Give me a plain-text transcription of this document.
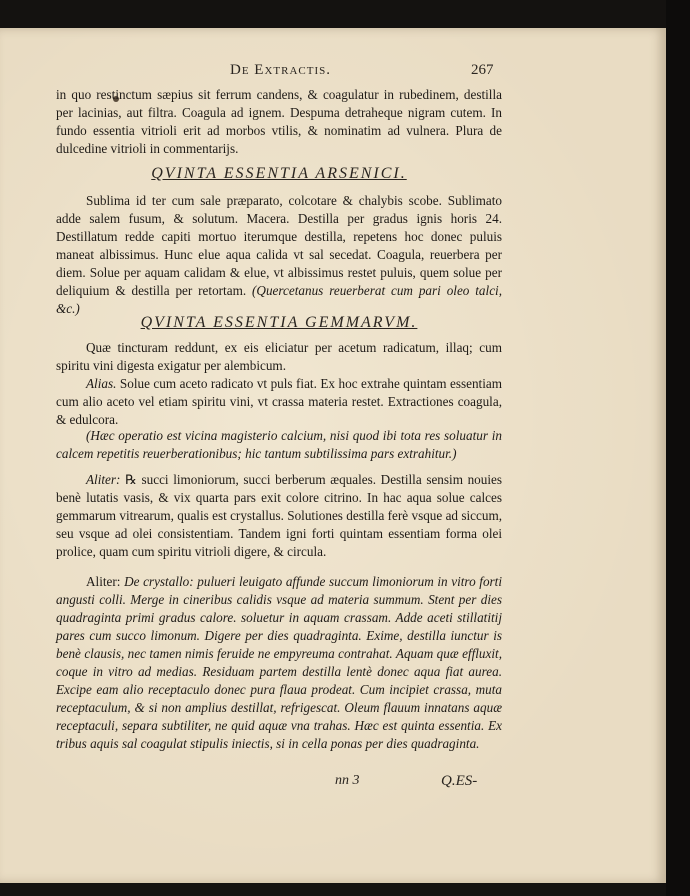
De Extractis.	267
in quo restinctum sæpius sit ferrum candens, & coagulatur in rubedinem, destilla per lacinias, aut filtra. Coagula ad ignem. Despuma detraheque nigram cutem. In fundo essentia vitrioli erit ad morbos vtilis, & nominatim ad vulnera. Plura de dulcedine vitrioli in commentarijs.
QVINTA ESSENTIA ARSENICI.
Sublima id ter cum sale præparato, colcotare & chalybis scobe. Sublimato adde salem fusum, & solutum. Macera. Destilla per gradus ignis horis 24. Destillatum redde capiti mortuo iterumque destilla, repetens hoc donec puluis maneat albissimus. Hunc elue aqua calida vt sal secedat. Coagula, reuerbera per diem. Solue per aquam calidam & elue, vt albissimus restet puluis, quem solue per deliquium & destilla per retortam. (Quercetanus reuerberat cum pari oleo talci, &c.)
QVINTA ESSENTIA GEMMARVM.
Quæ tincturam reddunt, ex eis eliciatur per acetum radicatum, illaq; cum spiritu vini digesta exigatur per alembicum.
Alias. Solue cum aceto radicato vt puls fiat. Ex hoc extrahe quintam essentiam cum alio aceto vel etiam spiritu vini, vt crassa materia restet. Extractiones coagula, & edulcora.
(Hæc operatio est vicina magisterio calcium, nisi quod ibi tota res soluatur in calcem repetitis reuerberationibus; hic tantum subtilissima pars extrahitur.)
Aliter: ℞ succi limoniorum, succi berberum æquales. Destilla sensim nouies benè lutatis vasis, & vix quarta pars exit colore citrino. In hac aqua solue calces gemmarum vitrearum, qualis est crystallus. Solutiones destilla ferè vsque ad siccum, seu vsque ad olei consistentiam. Tandem igni forti quintam essentiam forma olei prolice, quam cum spiritu vitrioli digere, & circula.
Aliter: De crystallo: pulueri leuigato affunde succum limoniorum in vitro forti angusti colli. Merge in cineribus calidis vsque ad materia summum. Stent per dies quadraginta primi gradus calore. soluetur in aquam crassam. Adde aceti stillatitij pares cum succo limonum. Digere per dies quadraginta. Exime, destilla iunctur is benè clausis, nec tamen nimis feruide ne empyreuma contrahat. Aquam quæ effluxit, coque in vitro ad medias. Residuam partem destilla lentè donec aqua fiat aurea. Excipe eam alio receptaculo donec pura flaua prodeat. Cum incipiet crassa, muta receptaculum, & si non amplius destillat, refrigescat. Oleum flauum innatans aquæ receptaculi, separa subtiliter, ne quid aquæ vna trahas. Hæc est quinta essentia. Ex tribus aquis sal coagulat stipulis iniectis, si in cella ponas per dies quadraginta.
nn 3	Q.ES-
